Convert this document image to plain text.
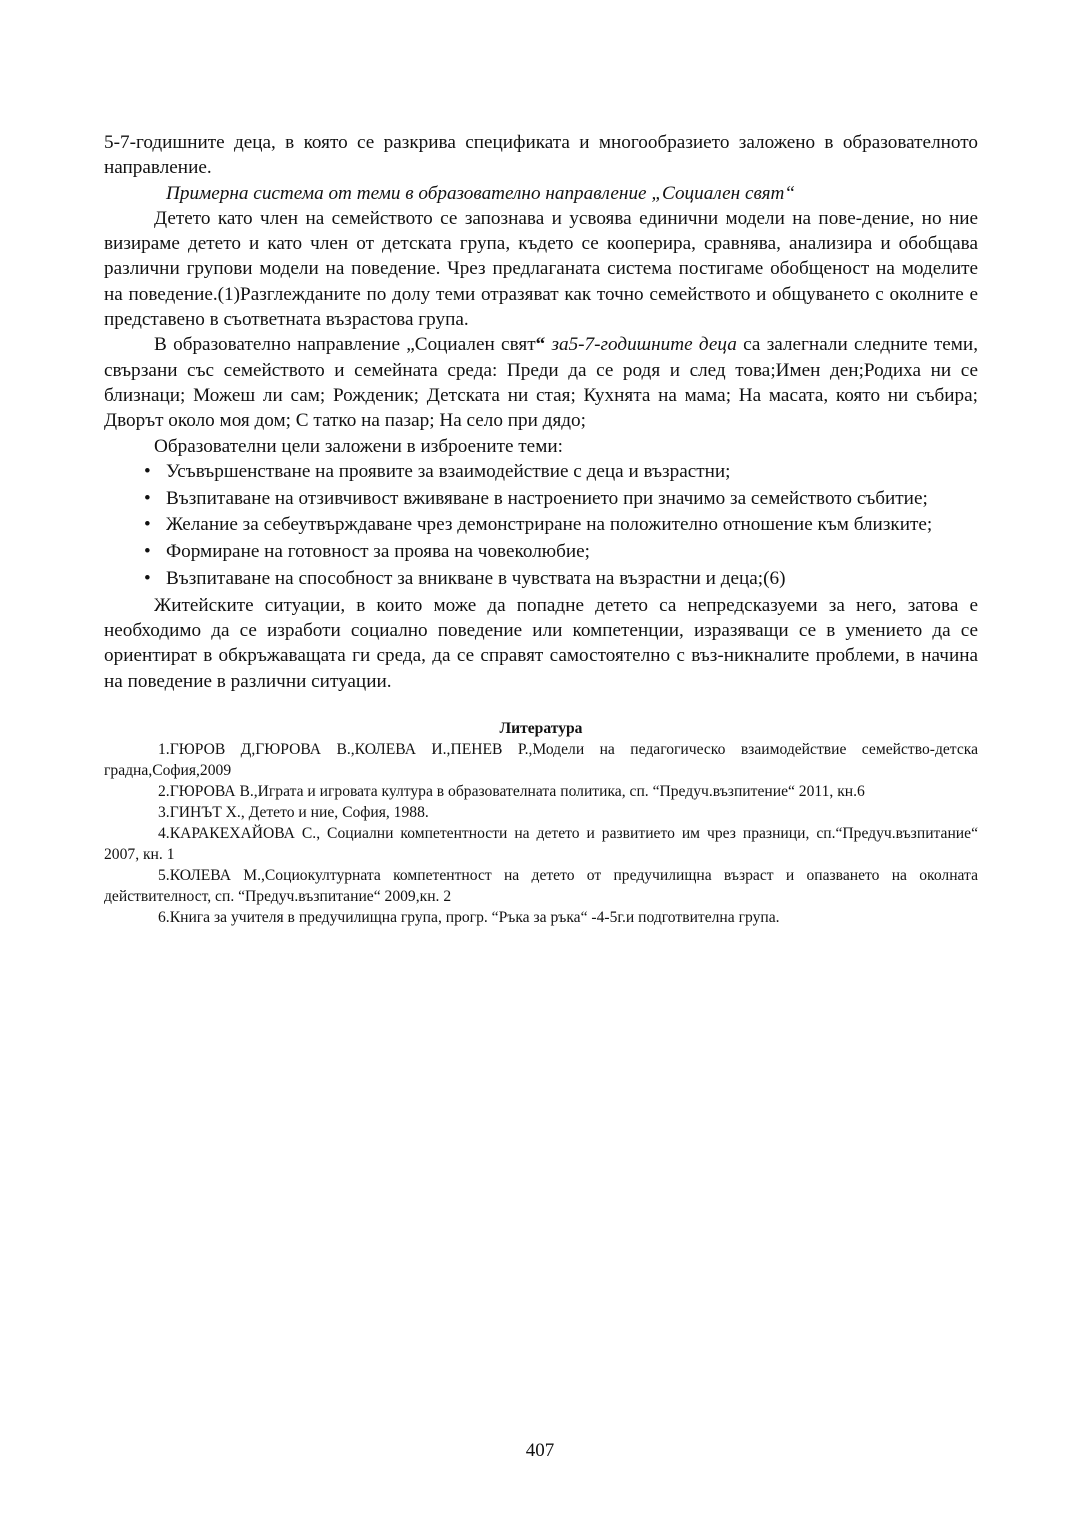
5-7-годишните деца, в която се разкрива спецификата и многообразието заложено в образователното направление.

Примерна система от теми в образователно направление „Социален свят“

Детето като член на семейството се запознава и усвоява единични модели на пове-дение, но ние визираме детето и като член от детската група, където се кооперира, сравнява, анализира и обобщава различни групови модели на поведение. Чрез предлаганата система постигаме обобщеност на моделите на поведение.(1)Разглежданите по долу теми отразяват как точно семейството и общуването с околните е представено в съответната възрастова група.

В образователно направление „Социален свят“ за5-7-годишните деца са залегнали следните теми, свързани със семейството и семейната среда: Преди да се родя и след това;Имен ден;Родиха ни се близнаци; Можеш ли сам; Рожденик; Детската ни стая; Кухнята на мама; На масата, която ни събира; Дворът около моя дом; С татко на пазар; На село при дядо;

Образователни цели заложени в изброените теми:

• Усъвършенстване на проявите за взаимодействие с деца и възрастни;
• Възпитаване на отзивчивост вживяване в настроението при значимо за семейството събитие;
• Желание за себеутвърждаване чрез демонстриране на положително отношение към близките;
• Формиране на готовност за проява на човеколюбие;
• Възпитаване на способност за вникване в чувствата на възрастни и деца;(6)

Житейските ситуации, в които може да попадне детето са непредсказуеми за него, затова е необходимо да се изработи социално поведение или компетенции, изразяващи се в умението да се ориентират в обкръжаващата ги среда, да се справят самостоятелно с въз-никналите проблеми, в начина на поведение в различни ситуации.

Литература

1.ГЮРОВ Д,ГЮРОВА В.,КОЛЕВА И.,ПЕНЕВ Р.,Модели на педагогическо взаимодействие семейство-детска градна,София,2009

2.ГЮРОВА В.,Играта и игровата култура в образователната политика, сп. “Предуч.възпитение“ 2011, кн.6

3.ГИНЪТ Х., Детето и ние, София, 1988.

4.КАРАКЕХАЙОВА С., Социални компетентности на детето и развитието им чрез празници, сп.“Предуч.възпитание“ 2007, кн. 1

5.КОЛЕВА М.,Социокултурната компетентност на детето от предучилищна възраст и опазването на околната действителност, сп. “Предуч.възпитание“ 2009,кн. 2

6.Книга за учителя в предучилищна група, прогр. “Ръка за ръка“ -4-5г.и подготвителна група.

407
